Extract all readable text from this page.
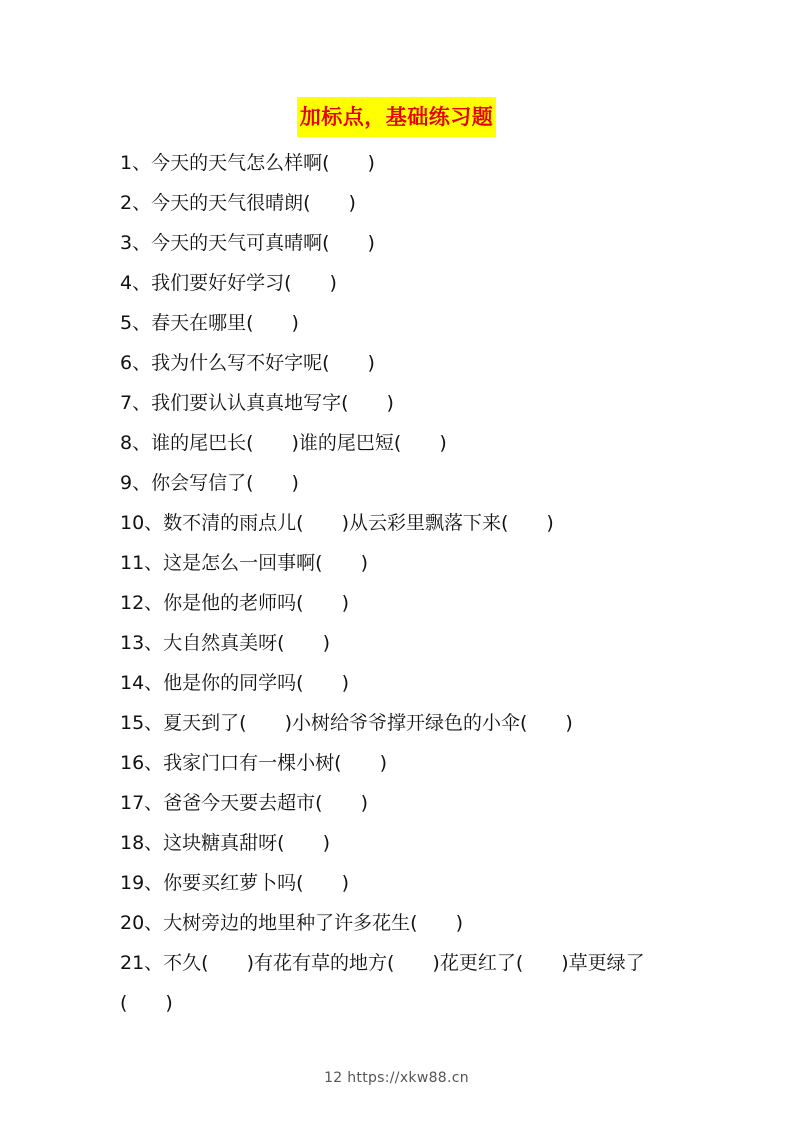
加标点，基础练习题
1、今天的天气怎么样啊(　　)
2、今天的天气很晴朗(　　)
3、今天的天气可真晴啊(　　)
4、我们要好好学习(　　)
5、春天在哪里(　　)
6、我为什么写不好字呢(　　)
7、我们要认认真真地写字(　　)
8、谁的尾巴长(　　)谁的尾巴短(　　)
9、你会写信了(　　)
10、数不清的雨点儿(　　)从云彩里飘落下来(　　)
11、这是怎么一回事啊(　　)
12、你是他的老师吗(　　)
13、大自然真美呀(　　)
14、他是你的同学吗(　　)
15、夏天到了(　　)小树给爷爷撑开绿色的小伞(　　)
16、我家门口有一棵小树(　　)
17、爸爸今天要去超市(　　)
18、这块糖真甜呀(　　)
19、你要买红萝卜吗(　　)
20、大树旁边的地里种了许多花生(　　)
21、不久(　　)有花有草的地方(　　)花更红了(　　)草更绿了(　　)
12 https://xkw88.cn
